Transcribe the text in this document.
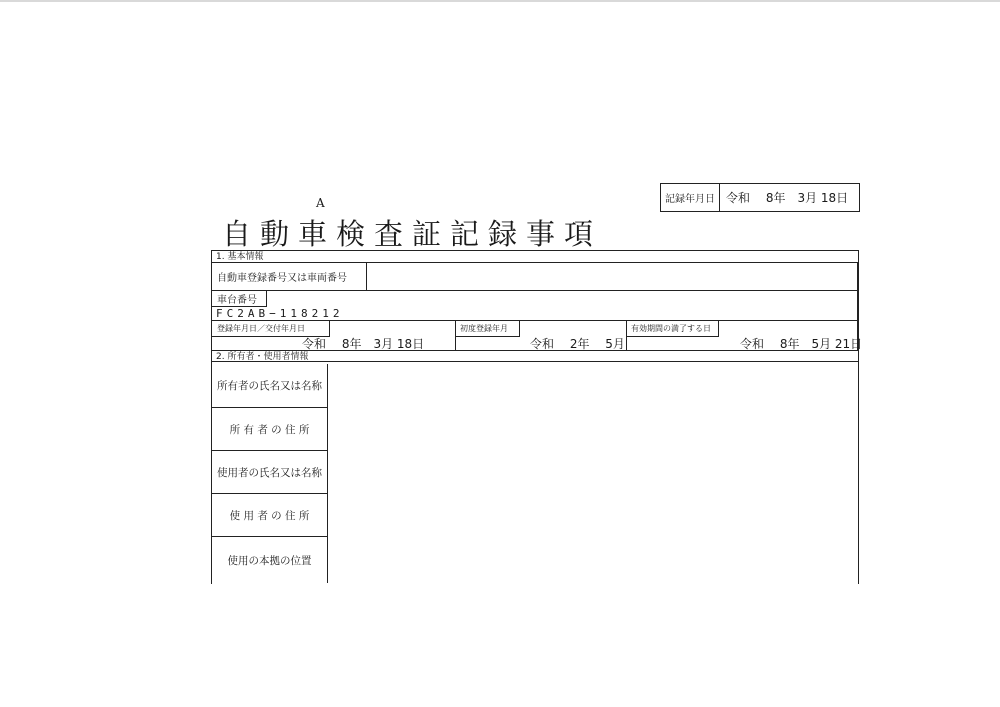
A	記録年月日 令和　 8年　3月 18日
自動車検査証記録事項
1. 基本情報
自動車登録番号又は車両番号
車台番号
FC2AB−118212
登録年月日／交付年月日
令和　 8年　3月 18日
初度登録年月
令和　 2年　 5月
有効期間の満了する日
令和　 8年　5月 21日
2. 所有者・使用者情報
所有者の氏名又は名称
所 有 者 の 住 所
使用者の氏名又は名称
使 用 者 の 住 所
使用の本拠の位置
